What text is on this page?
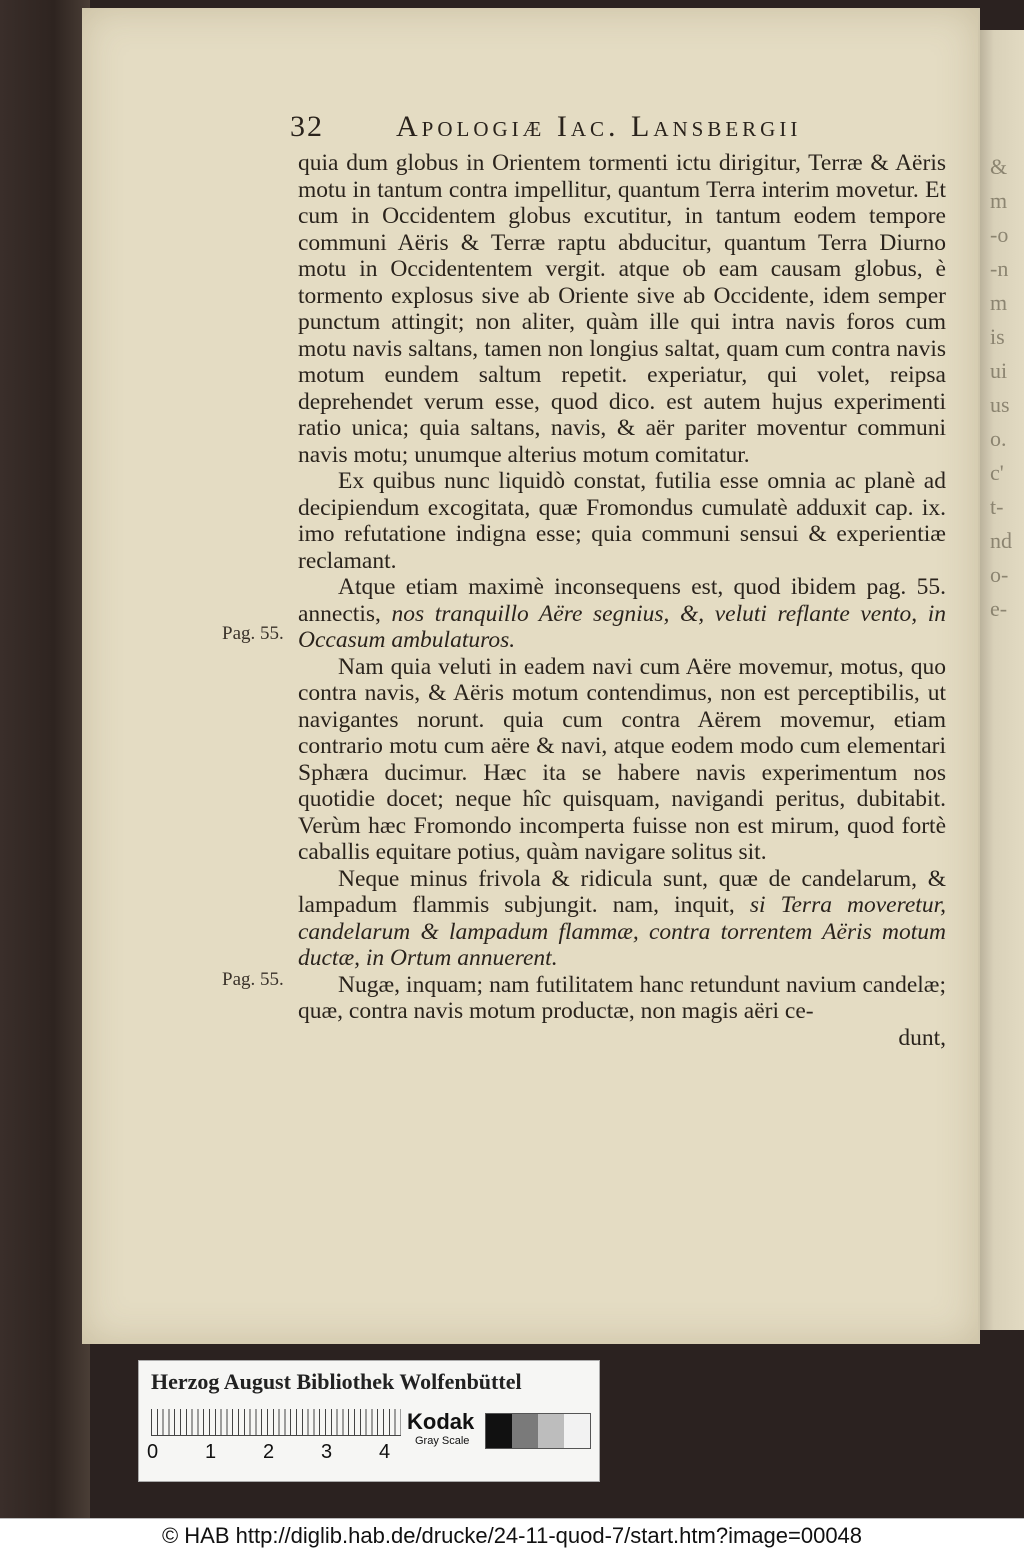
&
m
-o
-n
m
is
ui
us
o.
c'
t-
nd
o-
e-
32 Apologiæ Iac. Lansbergii
Pag. 55.
Pag. 55.

quia dum globus in Orientem tormenti ictu dirigitur, Terræ & Aëris motu in tantum contra impellitur, quantum Terra interim movetur. Et cum in Occidentem globus excutitur, in tantum eodem tempore communi Aëris & Terræ raptu abducitur, quantum Terra Diurno motu in Occidententem vergit. atque ob eam causam globus, è tormento explosus sive ab Oriente sive ab Occidente, idem semper punctum attingit; non aliter, quàm ille qui intra navis foros cum motu navis saltans, tamen non longius saltat, quam cum contra navis motum eundem saltum repetit. experiatur, qui volet, reipsa deprehendet verum esse, quod dico. est autem hujus experimenti ratio unica; quia saltans, navis, & aër pariter moventur communi navis motu; unumque alterius motum comitatur.

Ex quibus nunc liquidò constat, futilia esse omnia ac planè ad decipiendum excogitata, quæ Fromondus cumulatè adduxit cap. ix. imo refutatione indigna esse; quia communi sensui & experientiæ reclamant.

Atque etiam maximè inconsequens est, quod ibidem pag. 55. annectis, nos tranquillo Aëre segnius, &, veluti reflante vento, in Occasum ambulaturos.

Nam quia veluti in eadem navi cum Aëre movemur, motus, quo contra navis, & Aëris motum contendimus, non est perceptibilis, ut navigantes norunt. quia cum contra Aërem movemur, etiam contrario motu cum aëre & navi, atque eodem modo cum elementari Sphæra ducimur. Hæc ita se habere navis experimentum nos quotidie docet; neque hîc quisquam, navigandi peritus, dubitabit. Verùm hæc Fromondo incomperta fuisse non est mirum, quod fortè caballis equitare potius, quàm navigare solitus sit.

Neque minus frivola & ridicula sunt, quæ de candelarum, & lampadum flammis subjungit. nam, inquit, si Terra moveretur, candelarum & lampadum flammæ, contra torrentem Aëris motum ductæ, in Ortum annuerent.

Nugæ, inquam; nam futilitatem hanc retundunt navium candelæ; quæ, contra navis motum productæ, non magis aëri ce-

dunt,

Herzog August Bibliothek Wolfenbüttel
0 1 2 3 4
Kodak
Gray Scale
© HAB http://diglib.hab.de/drucke/24-11-quod-7/start.htm?image=00048
